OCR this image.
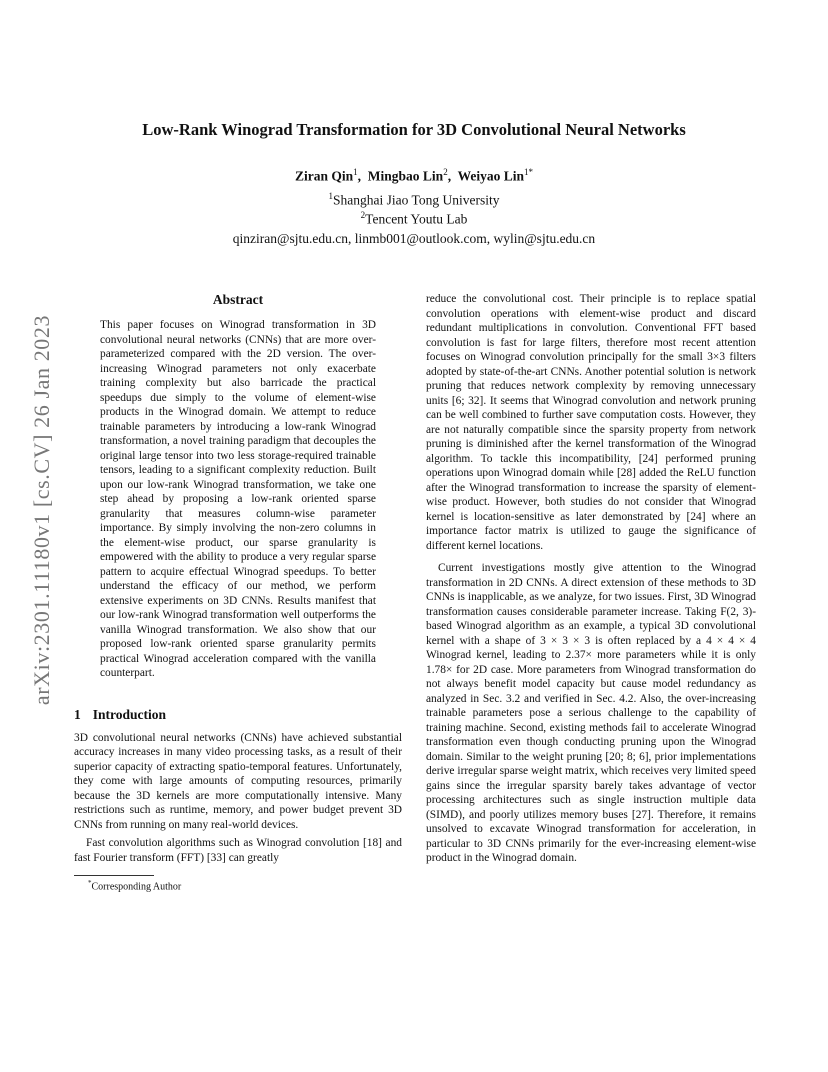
arXiv:2301.11180v1 [cs.CV] 26 Jan 2023
Low-Rank Winograd Transformation for 3D Convolutional Neural Networks
Ziran Qin$^1$,  Mingbao Lin$^2$,  Weiyao Lin$^{1*}$
$^1$Shanghai Jiao Tong University
$^2$Tencent Youtu Lab
qinziran@sjtu.edu.cn, linmb001@outlook.com, wylin@sjtu.edu.cn
Abstract

This paper focuses on Winograd transformation in 3D convolutional neural networks (CNNs) that are more over-parameterized compared with the 2D version. The over-increasing Winograd parameters not only exacerbate training complexity but also barricade the practical speedups due simply to the volume of element-wise products in the Winograd domain. We attempt to reduce trainable parameters by introducing a low-rank Winograd transformation, a novel training paradigm that decouples the original large tensor into two less storage-required trainable tensors, leading to a significant complexity reduction. Built upon our low-rank Winograd transformation, we take one step ahead by proposing a low-rank oriented sparse granularity that measures column-wise parameter importance. By simply involving the non-zero columns in the element-wise product, our sparse granularity is empowered with the ability to produce a very regular sparse pattern to acquire effectual Winograd speedups. To better understand the efficacy of our method, we perform extensive experiments on 3D CNNs. Results manifest that our low-rank Winograd transformation well outperforms the vanilla Winograd transformation. We also show that our proposed low-rank oriented sparse granularity permits practical Winograd acceleration compared with the vanilla counterpart.

1 Introduction

3D convolutional neural networks (CNNs) have achieved substantial accuracy increases in many video processing tasks, as a result of their superior capacity of extracting spatio-temporal features. Unfortunately, they come with large amounts of computing resources, primarily because the 3D kernels are more computationally intensive. Many restrictions such as runtime, memory, and power budget prevent 3D CNNs from running on many real-world devices.

Fast convolution algorithms such as Winograd convolution [18] and fast Fourier transform (FFT) [33] can greatly

*Corresponding Author

reduce the convolutional cost. Their principle is to replace spatial convolution operations with element-wise product and discard redundant multiplications in convolution. Conventional FFT based convolution is fast for large filters, therefore most recent attention focuses on Winograd convolution principally for the small 3×3 filters adopted by state-of-the-art CNNs. Another potential solution is network pruning that reduces network complexity by removing unnecessary units [6; 32]. It seems that Winograd convolution and network pruning can be well combined to further save computation costs. However, they are not naturally compatible since the sparsity property from network pruning is diminished after the kernel transformation of the Winograd algorithm. To tackle this incompatibility, [24] performed pruning operations upon Winograd domain while [28] added the ReLU function after the Winograd transformation to increase the sparsity of element-wise product. However, both studies do not consider that Winograd kernel is location-sensitive as later demonstrated by [24] where an importance factor matrix is utilized to gauge the significance of different kernel locations.

Current investigations mostly give attention to the Winograd transformation in 2D CNNs. A direct extension of these methods to 3D CNNs is inapplicable, as we analyze, for two issues. First, 3D Winograd transformation causes considerable parameter increase. Taking F(2, 3)-based Winograd algorithm as an example, a typical 3D convolutional kernel with a shape of 3 × 3 × 3 is often replaced by a 4 × 4 × 4 Winograd kernel, leading to 2.37× more parameters while it is only 1.78× for 2D case. More parameters from Winograd transformation do not always benefit model capacity but cause model redundancy as analyzed in Sec. 3.2 and verified in Sec. 4.2. Also, the over-increasing trainable parameters pose a serious challenge to the capability of training machine. Second, existing methods fail to accelerate Winograd transformation even though conducting pruning upon the Winograd domain. Similar to the weight pruning [20; 8; 6], prior implementations derive irregular sparse weight matrix, which receives very limited speed gains since the irregular sparsity barely takes advantage of vector processing architectures such as single instruction multiple data (SIMD), and poorly utilizes memory buses [27]. Therefore, it remains unsolved to excavate Winograd transformation for acceleration, in particular to 3D CNNs primarily for the ever-increasing element-wise product in the Winograd domain.
